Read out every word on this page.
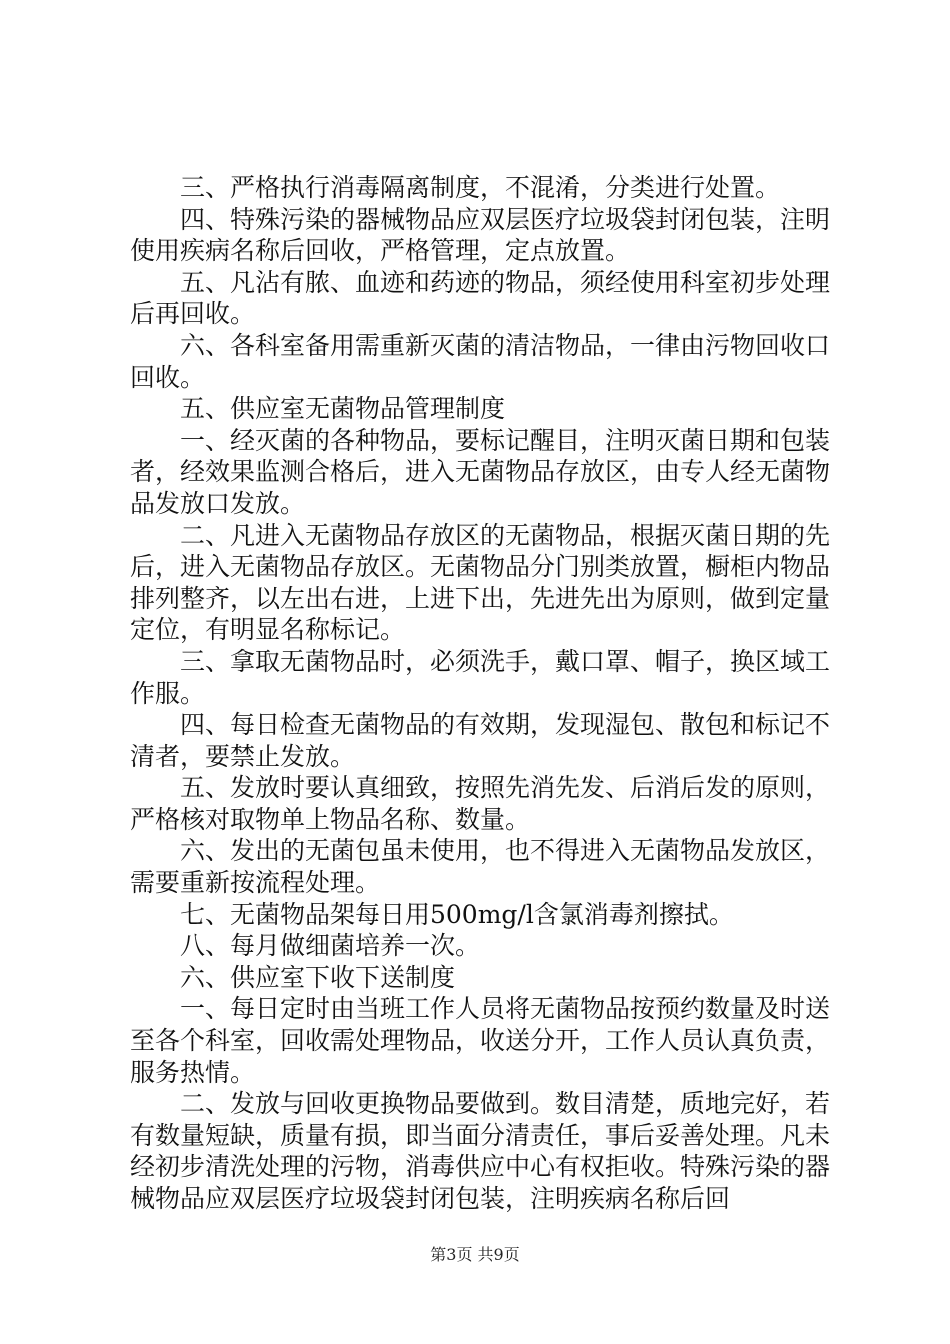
三、严格执行消毒隔离制度，不混淆，分类进行处置。

四、特殊污染的器械物品应双层医疗垃圾袋封闭包装，注明使用疾病名称后回收，严格管理，定点放置。

五、凡沾有脓、血迹和药迹的物品，须经使用科室初步处理后再回收。

六、各科室备用需重新灭菌的清洁物品，一律由污物回收口回收。

五、供应室无菌物品管理制度

一、经灭菌的各种物品，要标记醒目，注明灭菌日期和包装者，经效果监测合格后，进入无菌物品存放区，由专人经无菌物品发放口发放。

二、凡进入无菌物品存放区的无菌物品，根据灭菌日期的先后，进入无菌物品存放区。无菌物品分门别类放置，橱柜内物品排列整齐，以左出右进，上进下出，先进先出为原则，做到定量定位，有明显名称标记。

三、拿取无菌物品时，必须洗手，戴口罩、帽子，换区域工作服。

四、每日检查无菌物品的有效期，发现湿包、散包和标记不清者，要禁止发放。

五、发放时要认真细致，按照先消先发、后消后发的原则，严格核对取物单上物品名称、数量。

六、发出的无菌包虽未使用，也不得进入无菌物品发放区，需要重新按流程处理。

七、无菌物品架每日用500mg/l含氯消毒剂擦拭。

八、每月做细菌培养一次。

六、供应室下收下送制度

一、每日定时由当班工作人员将无菌物品按预约数量及时送至各个科室，回收需处理物品，收送分开，工作人员认真负责，服务热情。

二、发放与回收更换物品要做到。数目清楚，质地完好，若有数量短缺，质量有损，即当面分清责任，事后妥善处理。凡未经初步清洗处理的污物，消毒供应中心有权拒收。特殊污染的器械物品应双层医疗垃圾袋封闭包装，注明疾病名称后回

第3页 共9页
